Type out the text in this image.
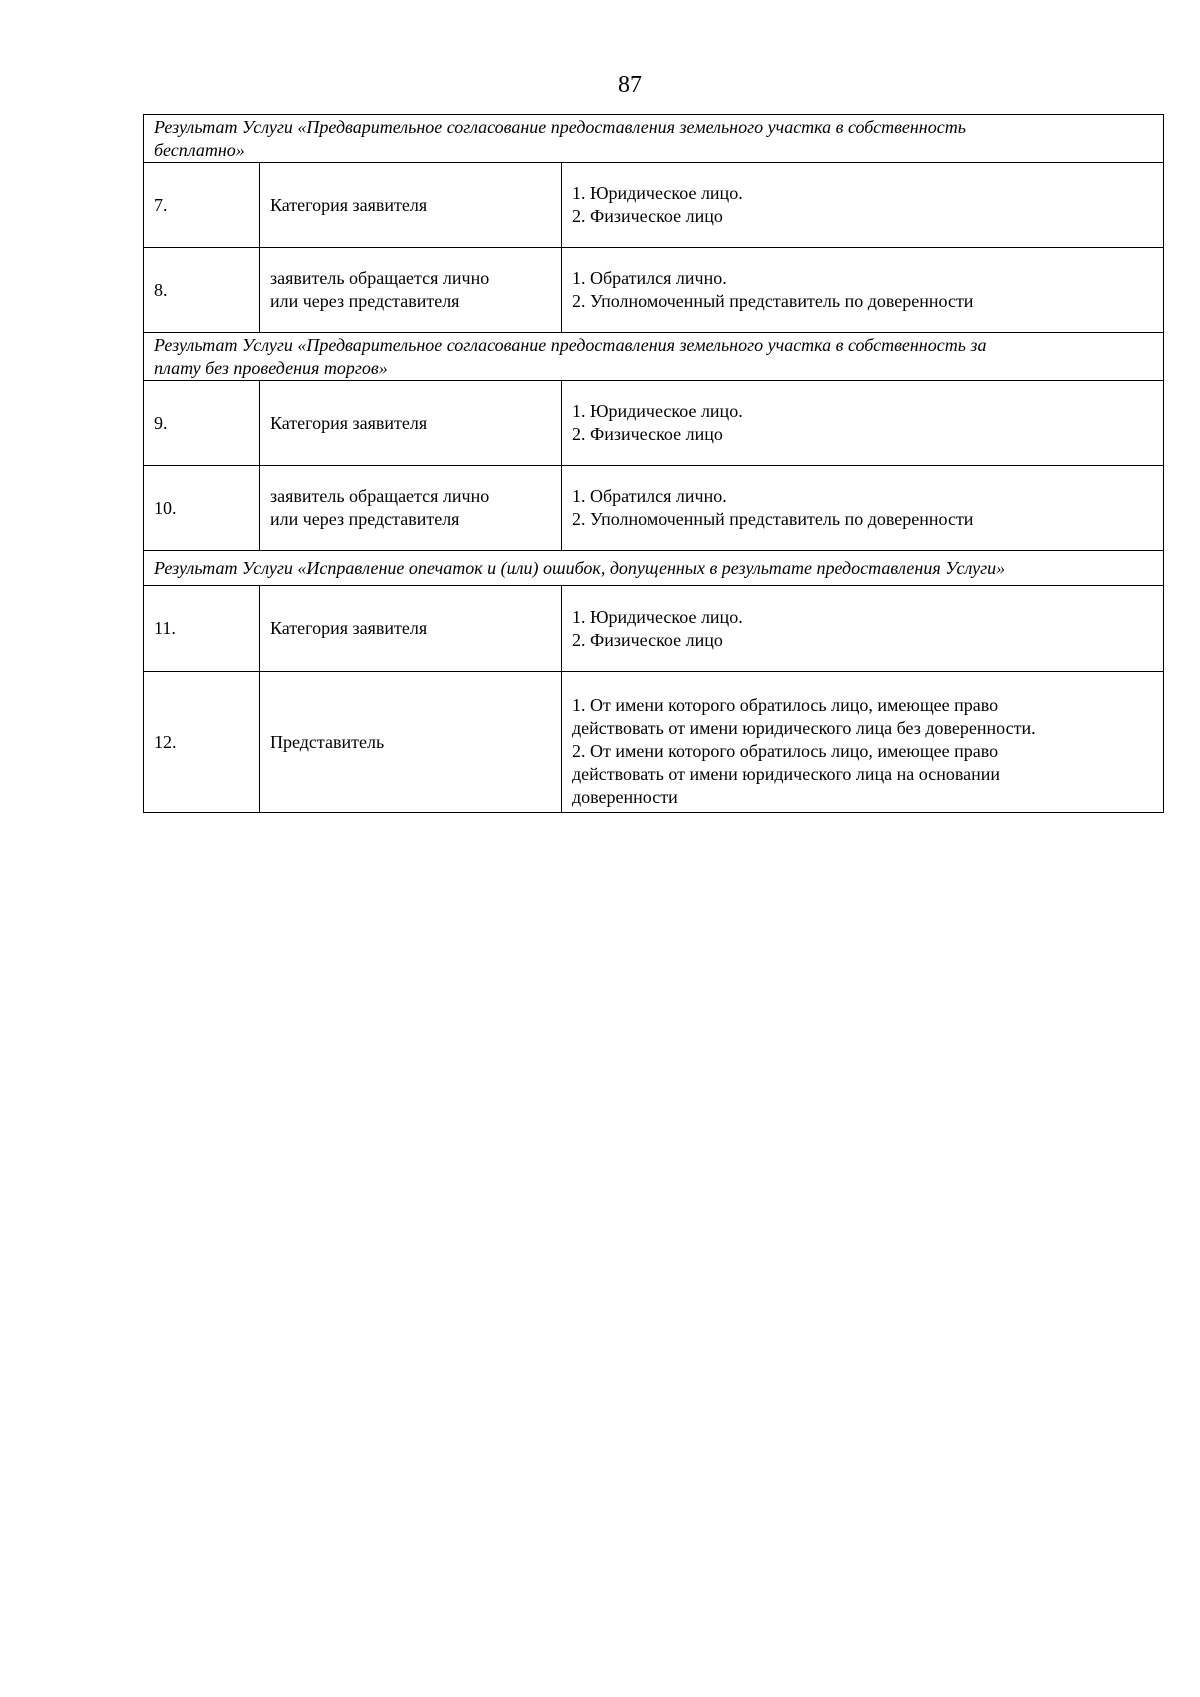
87
Результат Услуги «Предварительное согласование предоставления земельного участка в собственность
бесплатно»		

7.	Категория заявителя	1. Юридическое лицо.
2. Физическое лицо

8.	заявитель обращается лично
или через представителя	1. Обратился лично.
2. Уполномоченный представитель по доверенности

Результат Услуги «Предварительное согласование предоставления земельного участка в собственность за
плату без проведения торгов»		

9.	Категория заявителя	1. Юридическое лицо.
2. Физическое лицо

10.	заявитель обращается лично
или через представителя	1. Обратился лично.
2. Уполномоченный представитель по доверенности

Результат Услуги «Исправление опечаток и (или) ошибок, допущенных в результате предоставления Услуги»		

11.	Категория заявителя	1. Юридическое лицо.
2. Физическое лицо

12.	Представитель	1. От имени которого обратилось лицо, имеющее право
действовать от имени юридического лица без доверенности.
2. От имени которого обратилось лицо, имеющее право
действовать от имени юридического лица на основании
доверенности
